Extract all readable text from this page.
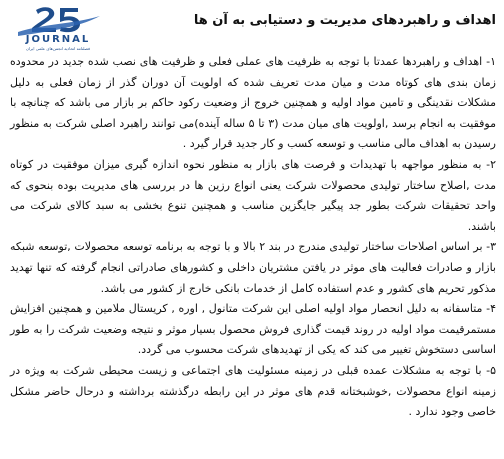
JOURNAL
فصلنامه اتحادیه انجمن‌های علمی ایران
اهداف و راهبردهای مدیریت و دستیابی به آن ها

۱- اهداف و راهبردها عمدتا با توجه به ظرفیت های عملی فعلی و ظرفیت های نصب شده جدید در محدوده زمان بندی های کوتاه مدت و میان مدت تعریف شده که اولویت آن دوران گذر از زمان فعلی به دلیل مشکلات نقدینگی و تامین مواد اولیه و همچنین خروج از وضعیت رکود حاکم بر بازار می باشد که چنانچه با موفقیت به انجام برسد ,اولویت های میان مدت (۳ تا ۵ ساله آینده)می توانند راهبرد اصلی شرکت به منظور رسیدن به اهداف مالی مناسب و توسعه کسب و کار جدید قرار گیرد .

۲- به منظور مواجهه با تهدیدات و فرصت های بازار به منظور نحوه اندازه گیری میزان موفقیت در کوتاه مدت ,اصلاح ساختار تولیدی محصولات شرکت یعنی انواع رزین ها در بررسی های مدیریت بوده بنحوی که واحد تحقیقات شرکت بطور جد پیگیر جایگزین مناسب و همچنین تنوع بخشی به سبد کالای شرکت می باشند.

۳- بر اساس اصلاحات ساختار تولیدی مندرج در بند ۲ بالا و با توجه به برنامه توسعه محصولات ,توسعه شبکه بازار و صادرات فعالیت های موثر در یافتن مشتریان داخلی و کشورهای صادراتی انجام گرفته که تنها تهدید مذکور تحریم های کشور و عدم استفاده کامل از خدمات بانکی خارج از کشور می باشد.

۴- متاسفانه به دلیل انحصار مواد اولیه اصلی این شرکت متانول , اوره , کریستال ملامین و همچنین افزایش مستمرقیمت مواد اولیه در روند قیمت گذاری فروش محصول بسیار موثر و نتیجه وضعیت شرکت را به طور اساسی دستخوش تغییر می کند که یکی از تهدیدهای شرکت محسوب می گردد.

۵- با توجه به مشکلات عمده قبلی در زمینه مسئولیت های اجتماعی و زیست محیطی شرکت به ویژه در زمینه انواع محصولات ,خوشبختانه قدم های موثر در این رابطه درگذشته برداشته و درحال حاضر مشکل خاصی وجود ندارد .
